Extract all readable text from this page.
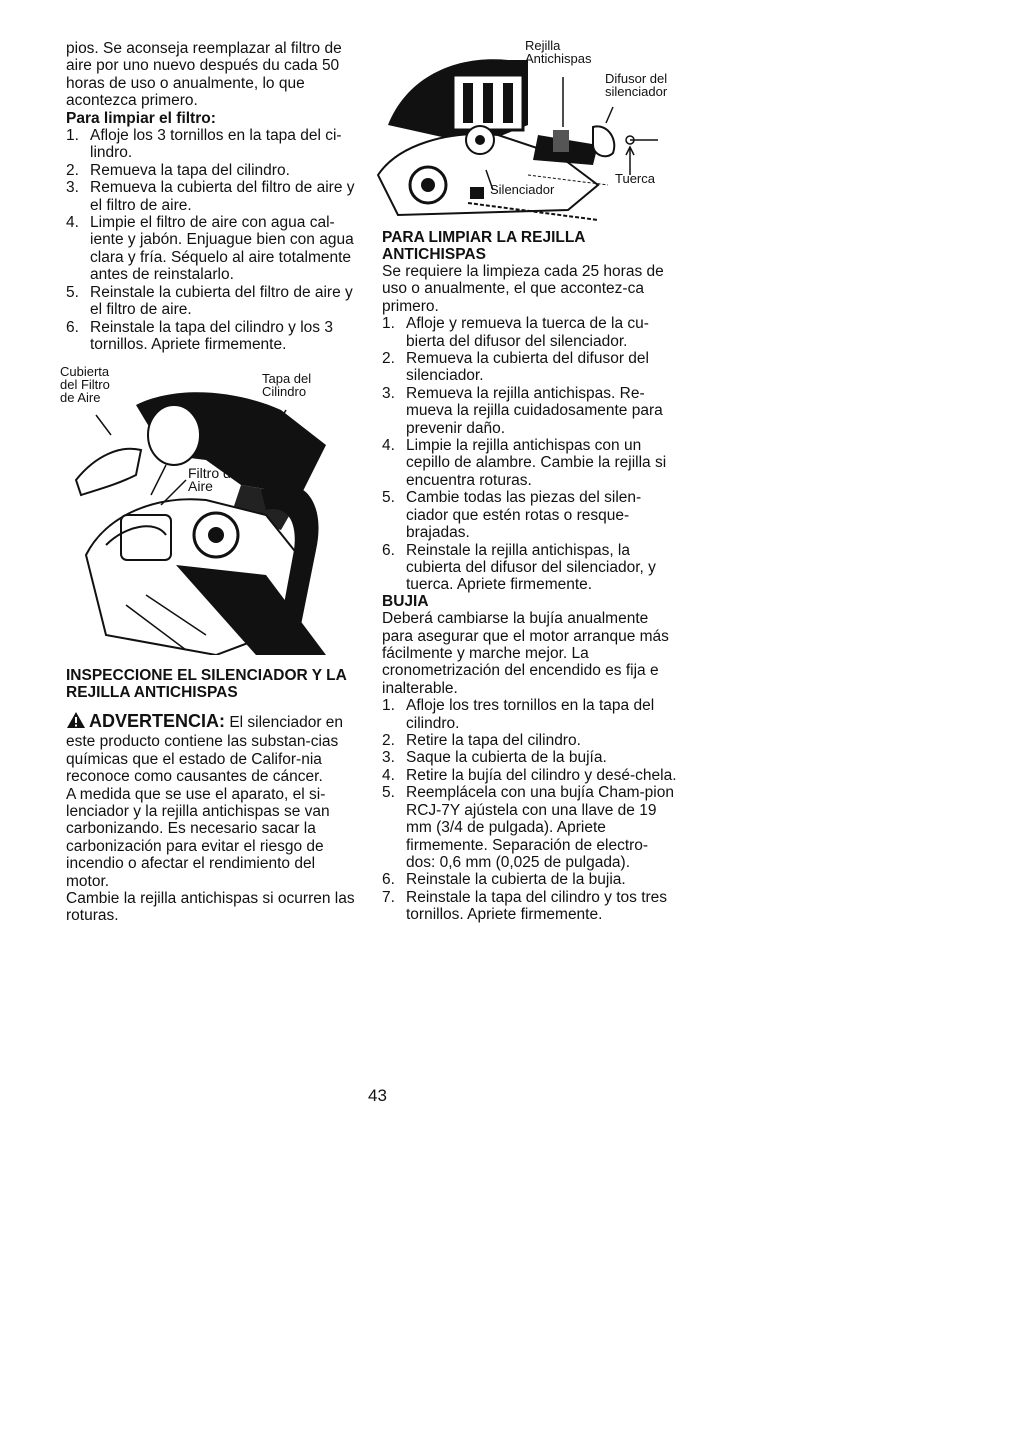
pios. Se aconseja reemplazar al filtro de aire por uno nuevo después du cada 50 horas de uso o anualmente, lo que acontezca primero.

Para limpiar el filtro:

1. Afloje los 3 tornillos en la tapa del ci-lindro.
2. Remueva la tapa del cilindro.
3. Remueva la cubierta del filtro de aire y el filtro de aire.
4. Limpie el filtro de aire con agua cal-iente y jabón. Enjuague bien con agua clara y fría. Séquelo al aire totalmente antes de reinstalarlo.
5. Reinstale la cubierta del filtro de aire y el filtro de aire.
6. Reinstale la tapa del cilindro y los 3 tornillos. Apriete firmemente.
Cubierta
del Filtro
de Aire
Tapa del
Cilindro
Filtro de
Aire

INSPECCIONE EL SILENCIADOR Y LA REJILLA ANTICHISPAS

ADVERTENCIA: El silenciador en este producto contiene las substan-cias químicas que el estado de Califor-nia reconoce como causantes de cáncer.

A medida que se use el aparato, el si-lenciador y la rejilla antichispas se van carbonizando. Es necesario sacar la carbonización para evitar el riesgo de incendio o afectar el rendimiento del motor.

Cambie la rejilla antichispas si ocurren las roturas.

Rejilla
Antichispas
Difusor del
silenciador
Tuerca
Silenciador

PARA LIMPIAR LA REJILLA ANTICHISPAS

Se requiere la limpieza cada 25 horas de uso o anualmente, el que accontez-ca primero.

1. Afloje y remueva la tuerca de la cu-bierta del difusor del silenciador.
2. Remueva la cubierta del difusor del silenciador.
3. Remueva la rejilla antichispas. Re-mueva la rejilla cuidadosamente para prevenir daño.
4. Limpie la rejilla antichispas con un cepillo de alambre. Cambie la rejilla si encuentra roturas.
5. Cambie todas las piezas del silen-ciador que estén rotas o resque-brajadas.
6. Reinstale la rejilla antichispas, la cubierta del difusor del silenciador, y tuerca. Apriete firmemente.

BUJIA

Deberá cambiarse la bujía anualmente para asegurar que el motor arranque más fácilmente y marche mejor. La cronometrización del encendido es fija e inalterable.

1. Afloje los tres tornillos en la tapa del cilindro.
2. Retire la tapa del cilindro.
3. Saque la cubierta de la bujía.
4. Retire la bujía del cilindro y desé-chela.
5. Reemplácela con una bujía Cham-pion RCJ-7Y ajústela con una llave de 19 mm (3/4 de pulgada). Apriete firmemente. Separación de electro-dos: 0,6 mm (0,025 de pulgada).
6. Reinstale la cubierta de la bujia.
7. Reinstale la tapa del cilindro y tos tres tornillos. Apriete firmemente.
43
